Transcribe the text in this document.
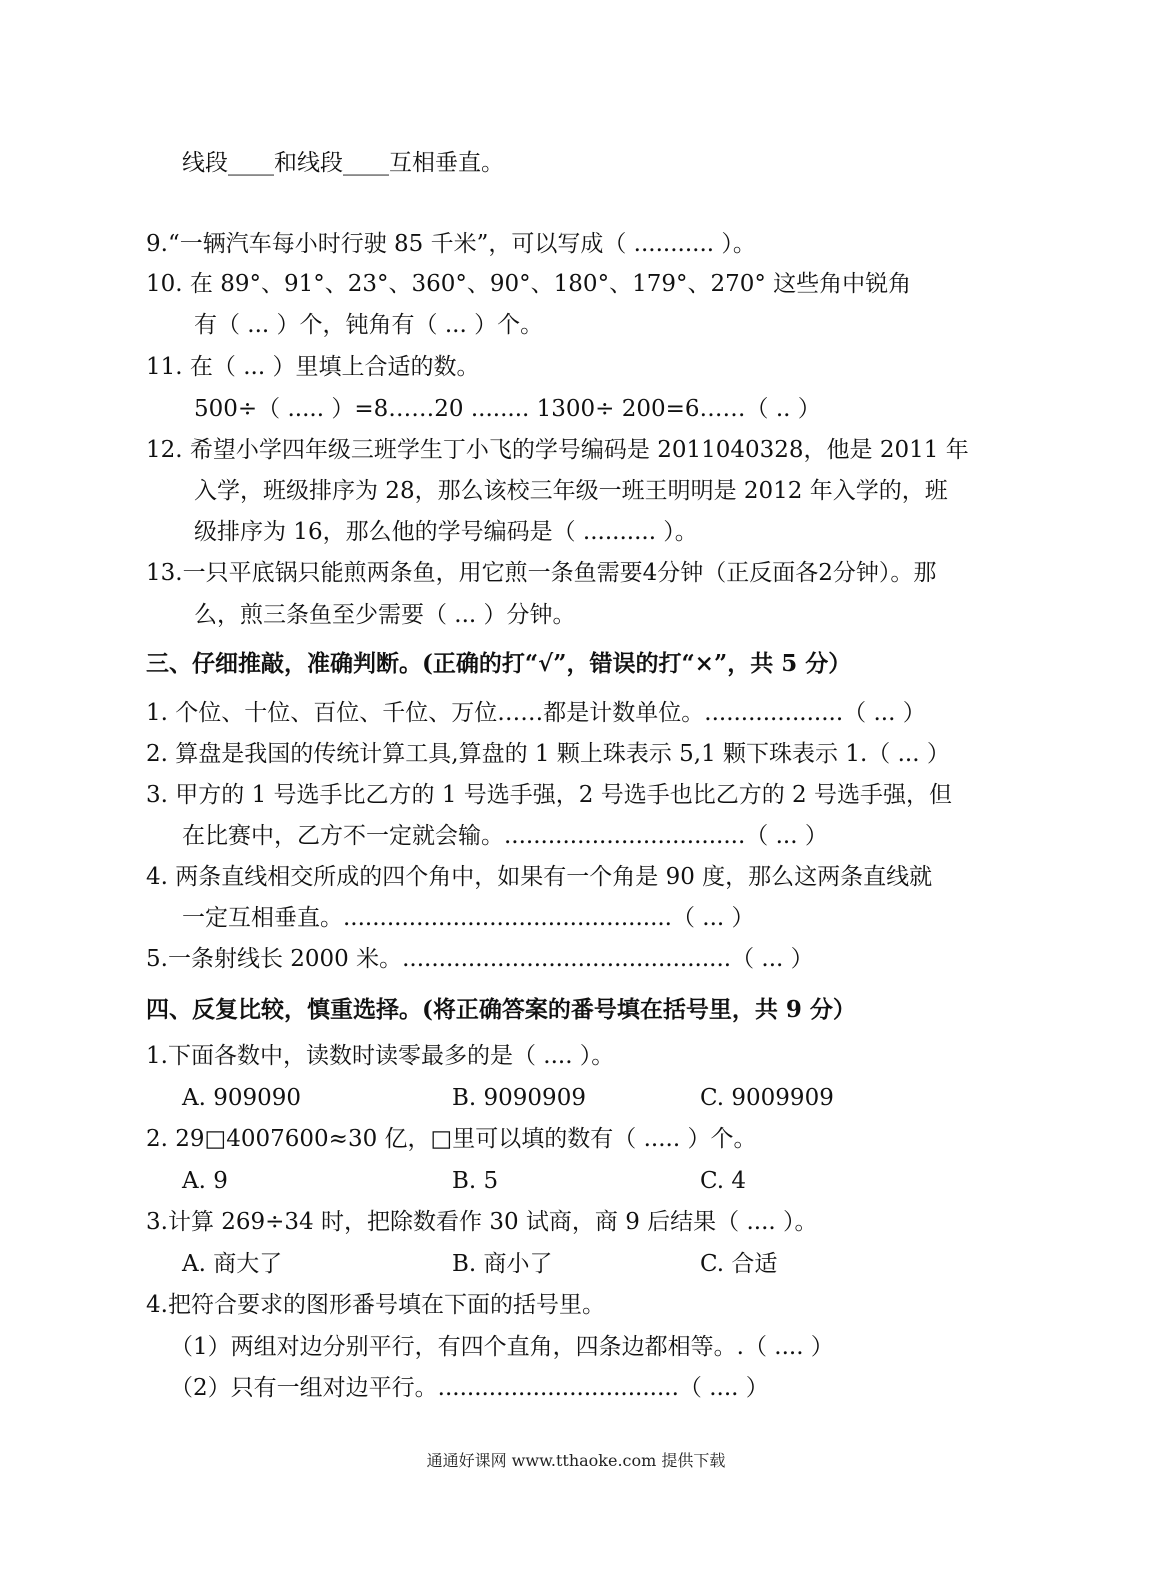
线段____和线段____互相垂直。
9.“一辆汽车每小时行驶 85 千米”，可以写成（ ........... ）。
10. 在 89°、91°、23°、360°、90°、180°、179°、270° 这些角中锐角
有（ ... ）个，钝角有（ ... ）个。
11. 在（ ... ）里填上合适的数。
500÷（ ..... ）=8……20 ........ 1300÷ 200=6……（ .. ）
12. 希望小学四年级三班学生丁小飞的学号编码是 2011040328，他是 2011 年
入学，班级排序为 28，那么该校三年级一班王明明是 2012 年入学的，班
级排序为 16，那么他的学号编码是（ .......... ）。
13.一只平底锅只能煎两条鱼，用它煎一条鱼需要4分钟（正反面各2分钟）。那
么，煎三条鱼至少需要（ ... ）分钟。
三、仔细推敲，准确判断。(正确的打“√”，错误的打“×”，共 5 分）
1. 个位、十位、百位、千位、万位……都是计数单位。...................（ ... ）
2. 算盘是我国的传统计算工具,算盘的 1 颗上珠表示 5,1 颗下珠表示 1.（ ... ）
3. 甲方的 1 号选手比乙方的 1 号选手强，2 号选手也比乙方的 2 号选手强，但
在比赛中，乙方不一定就会输。.................................（ ... ）
4. 两条直线相交所成的四个角中，如果有一个角是 90 度，那么这两条直线就
一定互相垂直。.............................................（ ... ）
5.一条射线长 2000 米。.............................................（ ... ）
四、反复比较，慎重选择。(将正确答案的番号填在括号里，共 9 分）
1.下面各数中，读数时读零最多的是（ .... ）。
A. 909090	B. 9090909	C. 9009909
2. 29□4007600≈30 亿，□里可以填的数有（ ..... ）个。
A. 9	B. 5	C. 4
3.计算 269÷34 时，把除数看作 30 试商，商 9 后结果（ .... ）。
A. 商大了	B. 商小了	C. 合适
4.把符合要求的图形番号填在下面的括号里。
（1）两组对边分别平行，有四个直角，四条边都相等。.（ .... ）
（2）只有一组对边平行。.................................（ .... ）
通通好课网 www.tthaoke.com 提供下载
